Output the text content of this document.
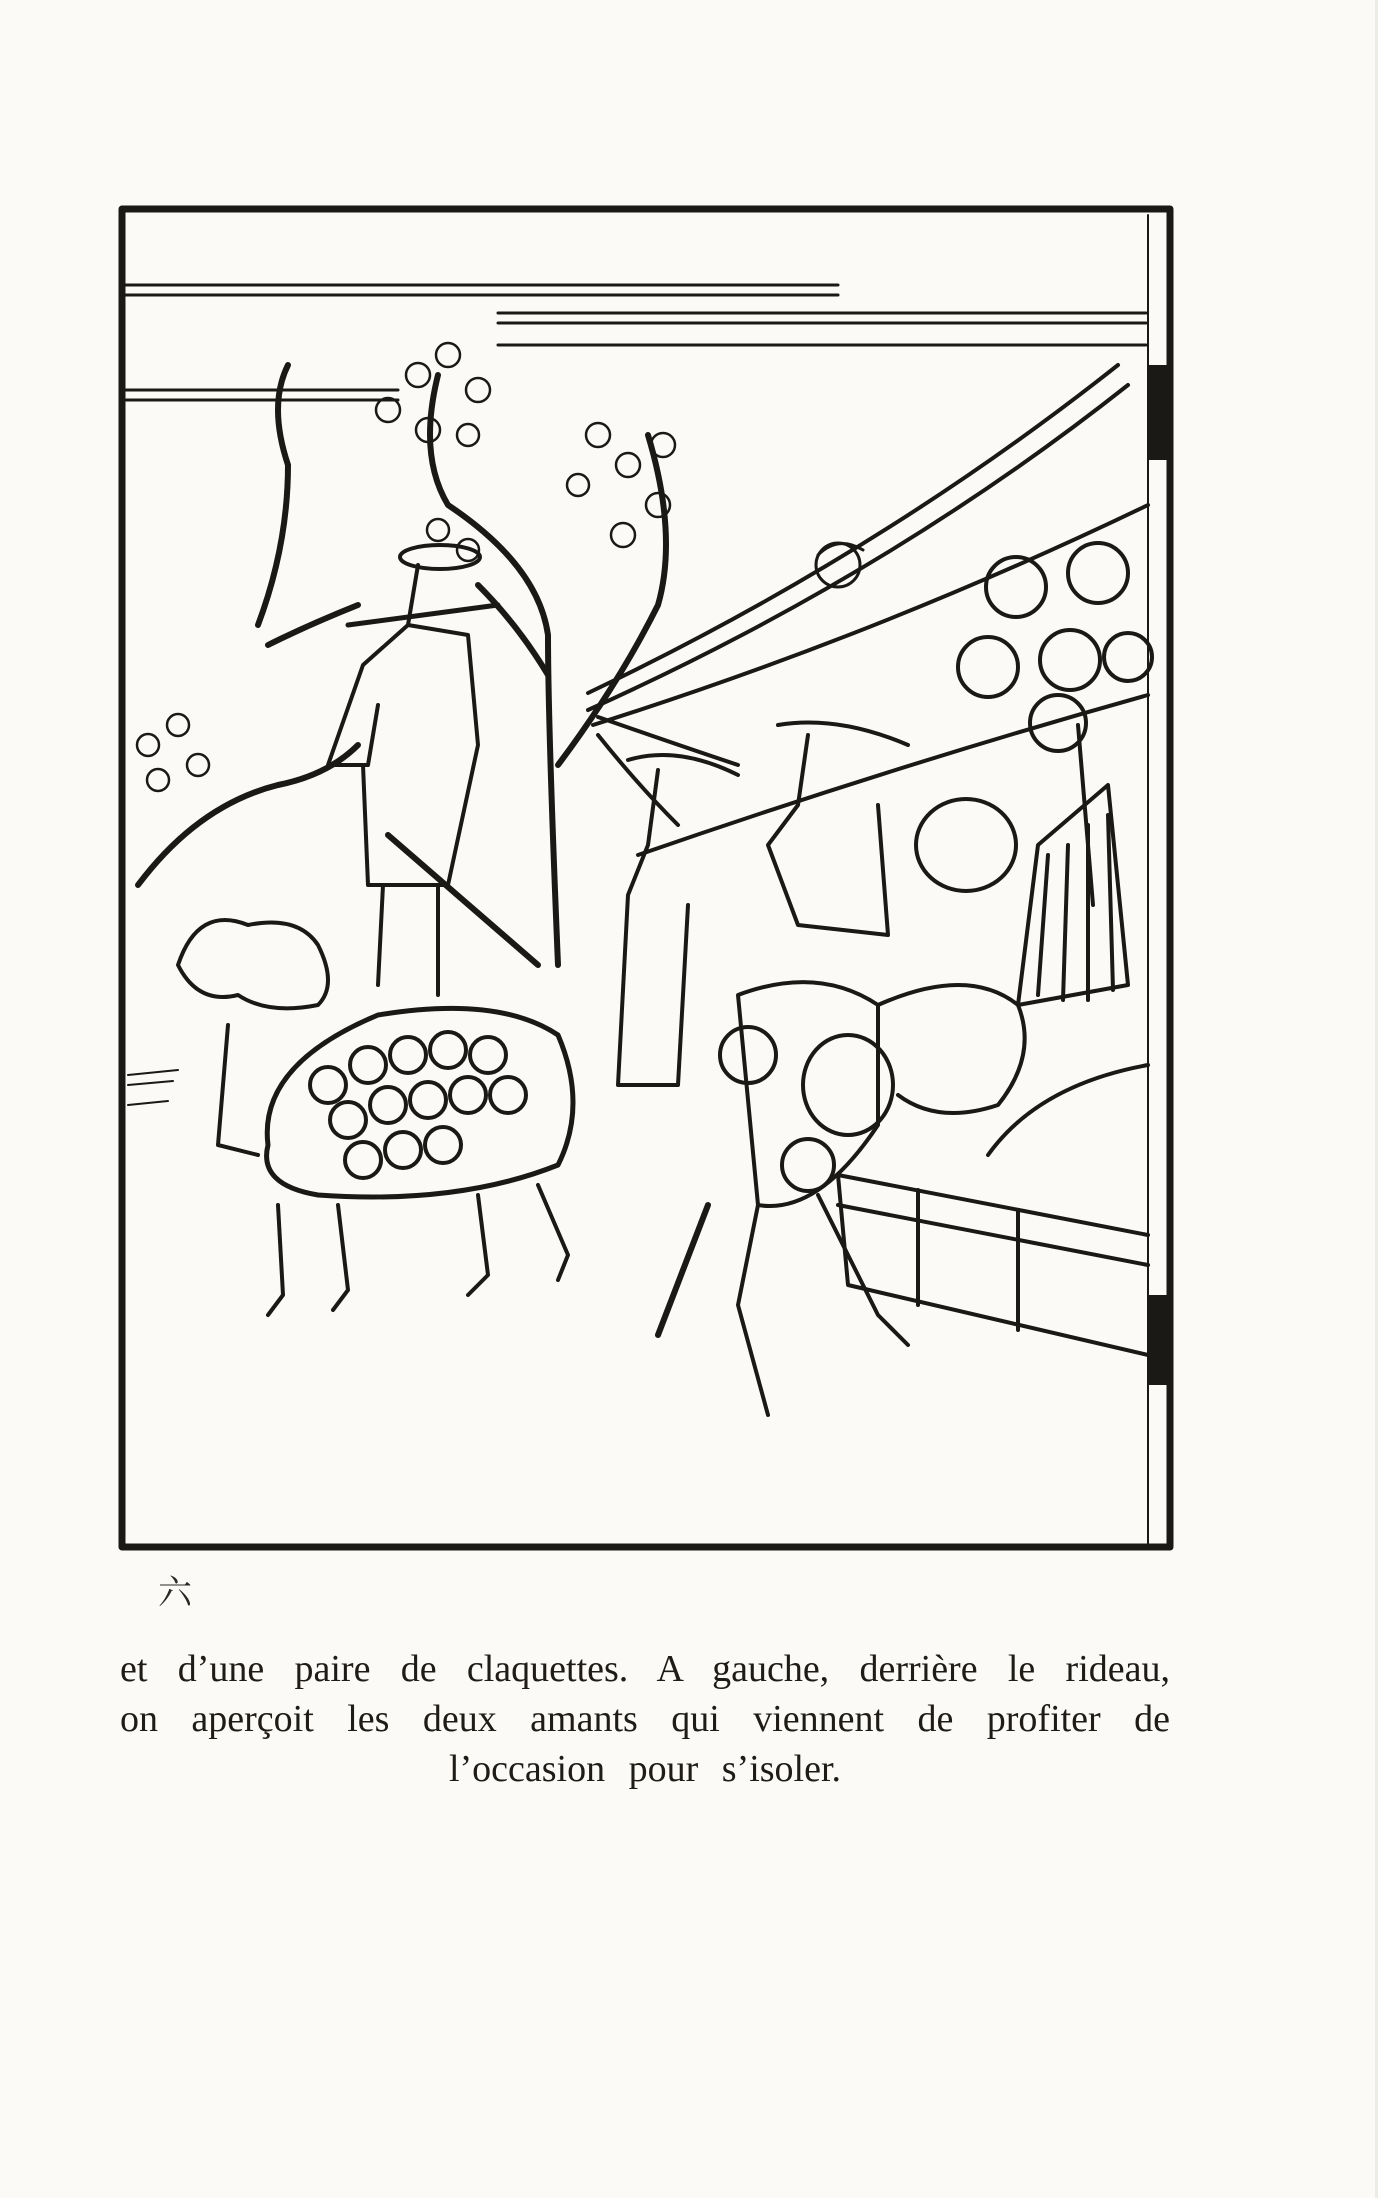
六
et d’une paire de claquettes. A gauche, derrière le rideau,
on aperçoit les deux amants qui viennent de profiter de
l’occasion pour s’isoler.
